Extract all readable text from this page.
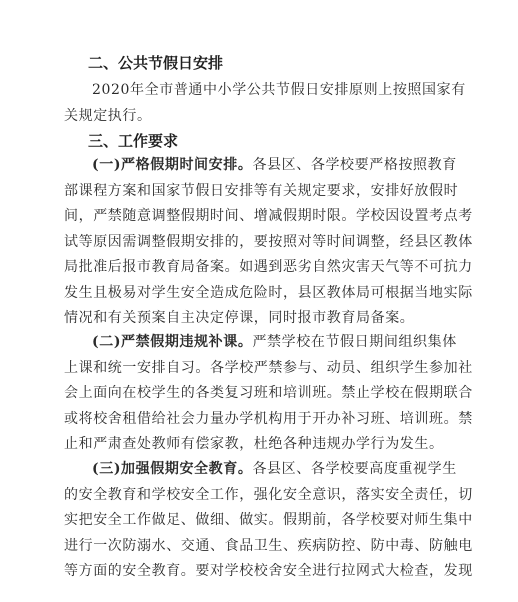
二、公共节假日安排
2020年全市普通中小学公共节假日安排原则上按照国家有
关规定执行。
三、工作要求
(一)严格假期时间安排。各县区、各学校要严格按照教育
部课程方案和国家节假日安排等有关规定要求，安排好放假时
间，严禁随意调整假期时间、增减假期时限。学校因设置考点考
试等原因需调整假期安排的，要按照对等时间调整，经县区教体
局批准后报市教育局备案。如遇到恶劣自然灾害天气等不可抗力
发生且极易对学生安全造成危险时，县区教体局可根据当地实际
情况和有关预案自主决定停课，同时报市教育局备案。
(二)严禁假期违规补课。严禁学校在节假日期间组织集体
上课和统一安排自习。各学校严禁参与、动员、组织学生参加社
会上面向在校学生的各类复习班和培训班。禁止学校在假期联合
或将校舍租借给社会力量办学机构用于开办补习班、培训班。禁
止和严肃查处教师有偿家教，杜绝各种违规办学行为发生。
(三)加强假期安全教育。各县区、各学校要高度重视学生
的安全教育和学校安全工作，强化安全意识，落实安全责任，切
实把安全工作做足、做细、做实。假期前，各学校要对师生集中
进行一次防溺水、交通、食品卫生、疾病防控、防中毒、防触电
等方面的安全教育。要对学校校舍安全进行拉网式大检查，发现
